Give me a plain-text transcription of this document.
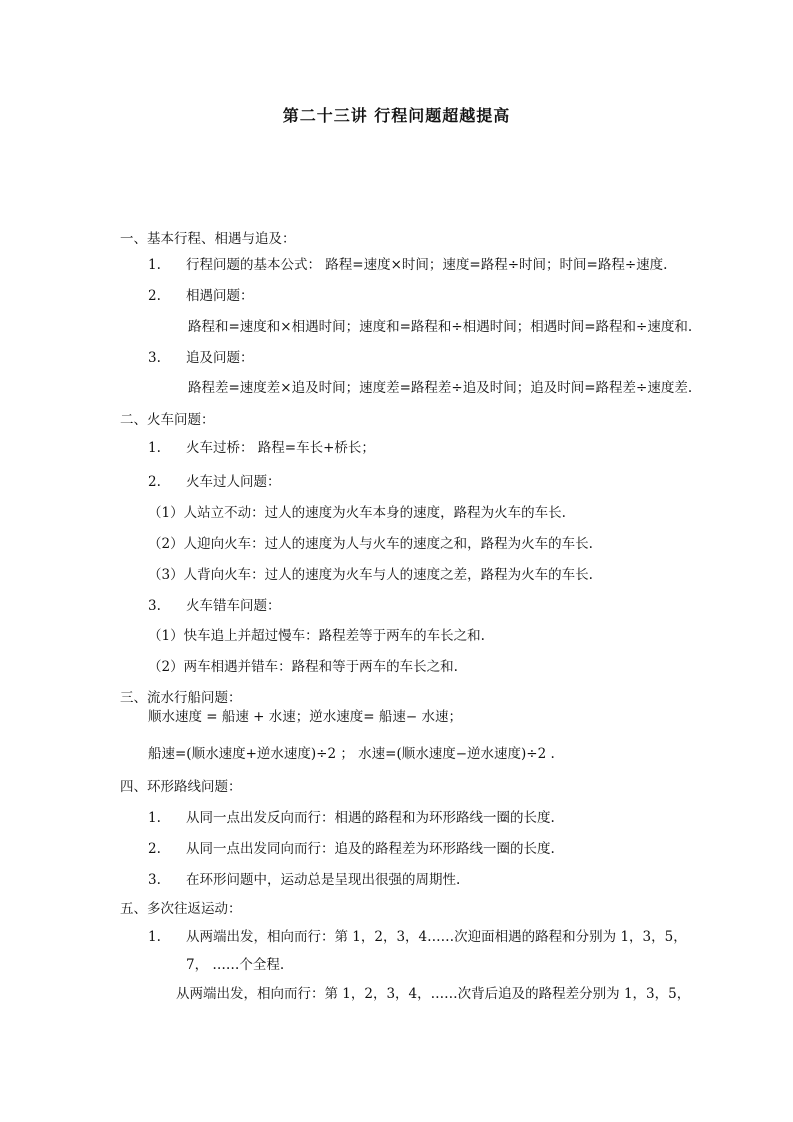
第二十三讲 行程问题超越提高
一、基本行程、相遇与追及：
1. 行程问题的基本公式： 路程=速度×时间；速度=路程÷时间；时间=路程÷速度.
2. 相遇问题：
路程和=速度和×相遇时间；速度和=路程和÷相遇时间；相遇时间=路程和÷速度和.
3. 追及问题：
路程差=速度差×追及时间；速度差=路程差÷追及时间；追及时间=路程差÷速度差.
二、火车问题：
1. 火车过桥： 路程=车长+桥长；
2. 火车过人问题：
（1）人站立不动：过人的速度为火车本身的速度，路程为火车的车长.
（2）人迎向火车：过人的速度为人与火车的速度之和，路程为火车的车长.
（3）人背向火车：过人的速度为火车与人的速度之差，路程为火车的车长.
3. 火车错车问题：
（1）快车追上并超过慢车：路程差等于两车的车长之和.
（2）两车相遇并错车：路程和等于两车的车长之和.
三、流水行船问题：
顺水速度 = 船速 + 水速；逆水速度= 船速− 水速；
船速=(顺水速度+逆水速度)÷2 ； 水速=(顺水速度−逆水速度)÷2 .
四、环形路线问题：
1. 从同一点出发反向而行：相遇的路程和为环形路线一圈的长度.
2. 从同一点出发同向而行：追及的路程差为环形路线一圈的长度.
3. 在环形问题中，运动总是呈现出很强的周期性.
五、多次往返运动：
1. 从两端出发，相向而行：第 1，2，3，4……次迎面相遇的路程和分别为 1，3，5，
7， ……个全程.
从两端出发，相向而行：第 1，2，3，4，……次背后追及的路程差分别为 1，3，5，
